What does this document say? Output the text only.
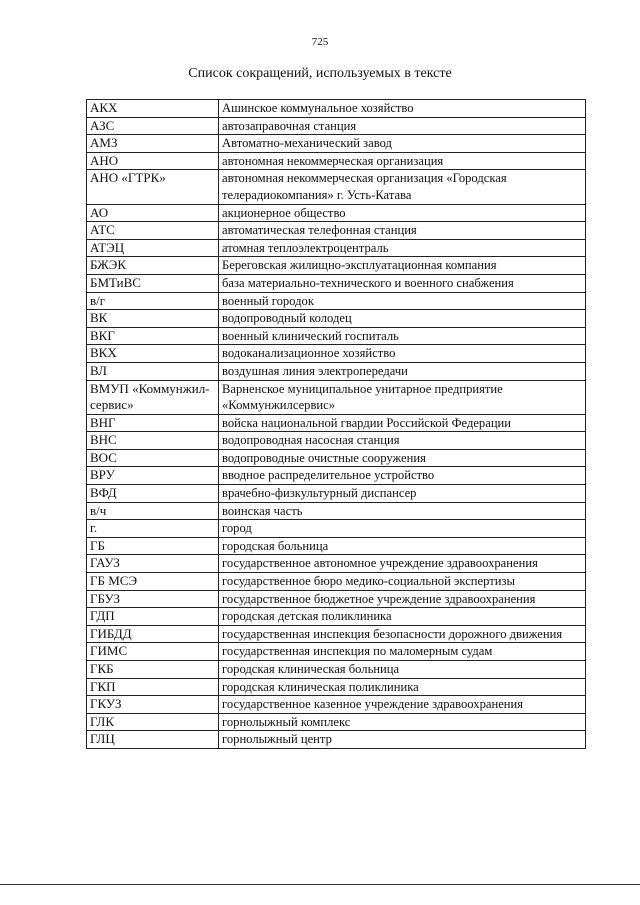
725
Список сокращений, используемых в тексте
АКХ	Ашинское коммунальное хозяйство
АЗС	автозаправочная станция
АМЗ	Автоматно-механический завод
АНО	автономная некоммерческая организация
АНО «ГТРК»	автономная некоммерческая организация «Городская телерадиокомпания» г. Усть-Катава
АО	акционерное общество
АТС	автоматическая телефонная станция
АТЭЦ	атомная теплоэлектроцентраль
БЖЭК	Береговская жилищно-эксплуатационная компания
БМТиВС	база материально-технического и военного снабжения
в/г	военный городок
ВК	водопроводный колодец
ВКГ	военный клинический госпиталь
ВКХ	водоканализационное хозяйство
ВЛ	воздушная линия электропередачи
ВМУП «Коммунжил-сервис»	Варненское муниципальное унитарное предприятие «Коммунжилсервис»
ВНГ	войска национальной гвардии Российской Федерации
ВНС	водопроводная насосная станция
ВОС	водопроводные очистные сооружения
ВРУ	вводное распределительное устройство
ВФД	врачебно-физкультурный диспансер
в/ч	воинская часть
г.	город
ГБ	городская больница
ГАУЗ	государственное автономное учреждение здравоохранения
ГБ МСЭ	государственное бюро медико-социальной экспертизы
ГБУЗ	государственное бюджетное учреждение здравоохранения
ГДП	городская детская поликлиника
ГИБДД	государственная инспекция безопасности дорожного движения
ГИМС	государственная инспекция по маломерным судам
ГКБ	городская клиническая больница
ГКП	городская клиническая поликлиника
ГКУЗ	государственное казенное учреждение здравоохранения
ГЛК	горнолыжный комплекс
ГЛЦ	горнолыжный центр
